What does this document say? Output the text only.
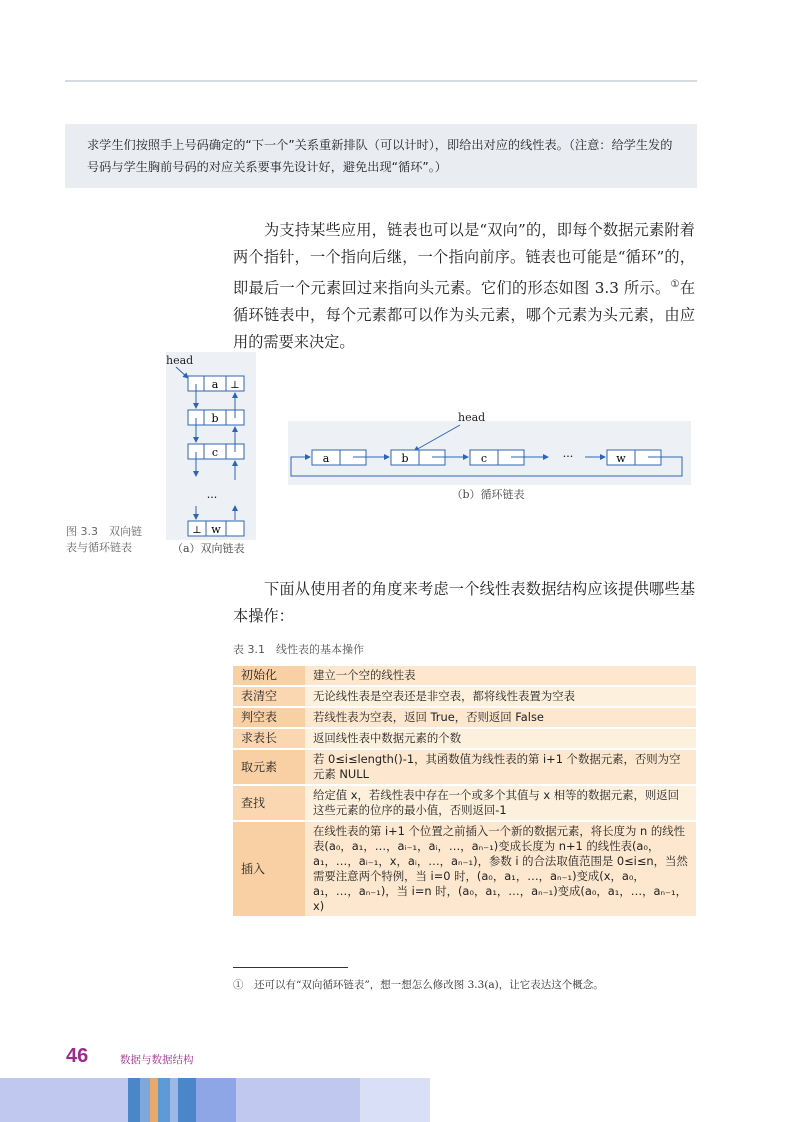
求学生们按照手上号码确定的“下一个”关系重新排队（可以计时），即给出对应的线性表。（注意：给学生发的号码与学生胸前号码的对应关系要事先设计好，避免出现“循环”。）

为支持某些应用，链表也可以是“双向”的，即每个数据元素附着两个指针，一个指向后继，一个指向前序。链表也可能是“循环”的，即最后一个元素回过来指向头元素。它们的形态如图 3.3 所示。①在循环链表中，每个元素都可以作为头元素，哪个元素为头元素，由应用的需要来决定。

head
a ⊥
b
c
...
⊥ w
（a）双向链表
head
a	b	c	···	w
（b）循环链表
图 3.3　双向链表与循环链表

下面从使用者的角度来考虑一个线性表数据结构应该提供哪些基本操作：

表 3.1　线性表的基本操作
初始化	建立一个空的线性表
表清空	无论线性表是空表还是非空表，都将线性表置为空表
判空表	若线性表为空表，返回 True，否则返回 False
求表长	返回线性表中数据元素的个数
取元素	若 0≤i≤length()-1，其函数值为线性表的第 i+1 个数据元素，否则为空元素 NULL
查找	给定值 x，若线性表中存在一个或多个其值与 x 相等的数据元素，则返回这些元素的位序的最小值，否则返回-1
插入	在线性表的第 i+1 个位置之前插入一个新的数据元素，将长度为 n 的线性表(a₀，a₁，…，aᵢ₋₁，aᵢ，…，aₙ₋₁)变成长度为 n+1 的线性表(a₀，a₁，…，aᵢ₋₁，x，aᵢ，…，aₙ₋₁)，参数 i 的合法取值范围是 0≤i≤n，当然需要注意两个特例，当 i=0 时，(a₀，a₁，…，aₙ₋₁)变成(x，a₀，a₁，…，aₙ₋₁)，当 i=n 时，(a₀，a₁，…，aₙ₋₁)变成(a₀，a₁，…，aₙ₋₁，x)
①　还可以有“双向循环链表”，想一想怎么修改图 3.3(a)，让它表达这个概念。
46	数据与数据结构
